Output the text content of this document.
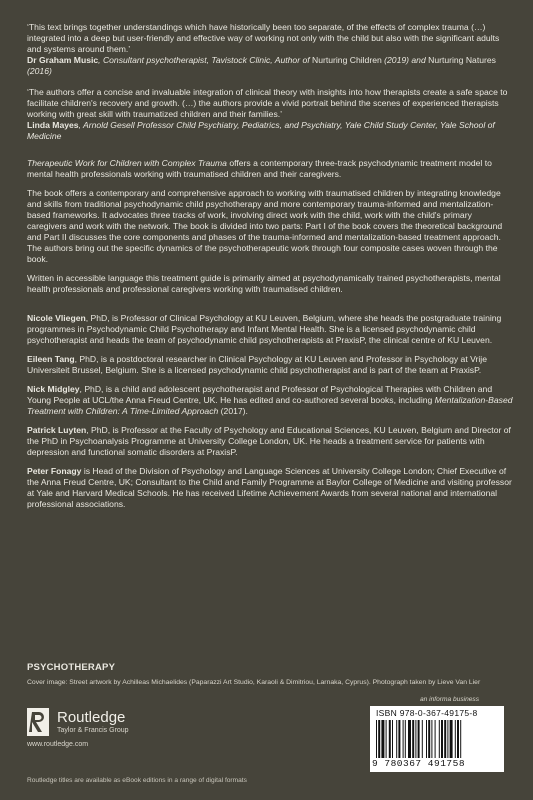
‘This text brings together understandings which have historically been too separate, of the effects of complex trauma (…) integrated into a deep but user-friendly and effective way of working not only with the child but also with the significant adults and systems around them.’

Dr Graham Music, Consultant psychotherapist, Tavistock Clinic, Author of Nurturing Children (2019) and Nurturing Natures (2016)

‘The authors offer a concise and invaluable integration of clinical theory with insights into how therapists create a safe space to facilitate children's recovery and growth. (…) the authors provide a vivid portrait behind the scenes of experienced therapists working with great skill with traumatized children and their families.’

Linda Mayes, Arnold Gesell Professor Child Psychiatry, Pediatrics, and Psychiatry, Yale Child Study Center, Yale School of Medicine

Therapeutic Work for Children with Complex Trauma offers a contemporary three-track psychodynamic treatment model to mental health professionals working with traumatised children and their caregivers.

The book offers a contemporary and comprehensive approach to working with traumatised children by integrating knowledge and skills from traditional psychodynamic child psychotherapy and more contemporary trauma-informed and mentalization-based frameworks. It advocates three tracks of work, involving direct work with the child, work with the child's primary caregivers and work with the network. The book is divided into two parts: Part I of the book covers the theoretical background and Part II discusses the core components and phases of the trauma-informed and mentalization-based treatment approach. The authors bring out the specific dynamics of the psychotherapeutic work through four composite cases woven through the book.

Written in accessible language this treatment guide is primarily aimed at psychodynamically trained psychotherapists, mental health professionals and professional caregivers working with traumatised children.

Nicole Vliegen, PhD, is Professor of Clinical Psychology at KU Leuven, Belgium, where she heads the postgraduate training programmes in Psychodynamic Child Psychotherapy and Infant Mental Health. She is a licensed psychodynamic child psychotherapist and heads the team of psychodynamic child psychotherapists at PraxisP, the clinical centre of KU Leuven.

Eileen Tang, PhD, is a postdoctoral researcher in Clinical Psychology at KU Leuven and Professor in Psychology at Vrije Universiteit Brussel, Belgium. She is a licensed psychodynamic child psychotherapist and is part of the team at PraxisP.

Nick Midgley, PhD, is a child and adolescent psychotherapist and Professor of Psychological Therapies with Children and Young People at UCL/the Anna Freud Centre, UK. He has edited and co-authored several books, including Mentalization-Based Treatment with Children: A Time-Limited Approach (2017).

Patrick Luyten, PhD, is Professor at the Faculty of Psychology and Educational Sciences, KU Leuven, Belgium and Director of the PhD in Psychoanalysis Programme at University College London, UK. He heads a treatment service for patients with depression and functional somatic disorders at PraxisP.

Peter Fonagy is Head of the Division of Psychology and Language Sciences at University College London; Chief Executive of the Anna Freud Centre, UK; Consultant to the Child and Family Programme at Baylor College of Medicine and visiting professor at Yale and Harvard Medical Schools. He has received Lifetime Achievement Awards from several national and international professional associations.

PSYCHOTHERAPY
Cover image: Street artwork by Achilleas Michaelides (Paparazzi Art Studio, Karaoli & Dimitriou, Larnaka, Cyprus). Photograph taken by Lieve Van Lier
an informa business
Routledge
Taylor & Francis Group
www.routledge.com
Routledge titles are available as eBook editions in a range of digital formats
ISBN 978-0-367-49175-8
9 780367 491758
